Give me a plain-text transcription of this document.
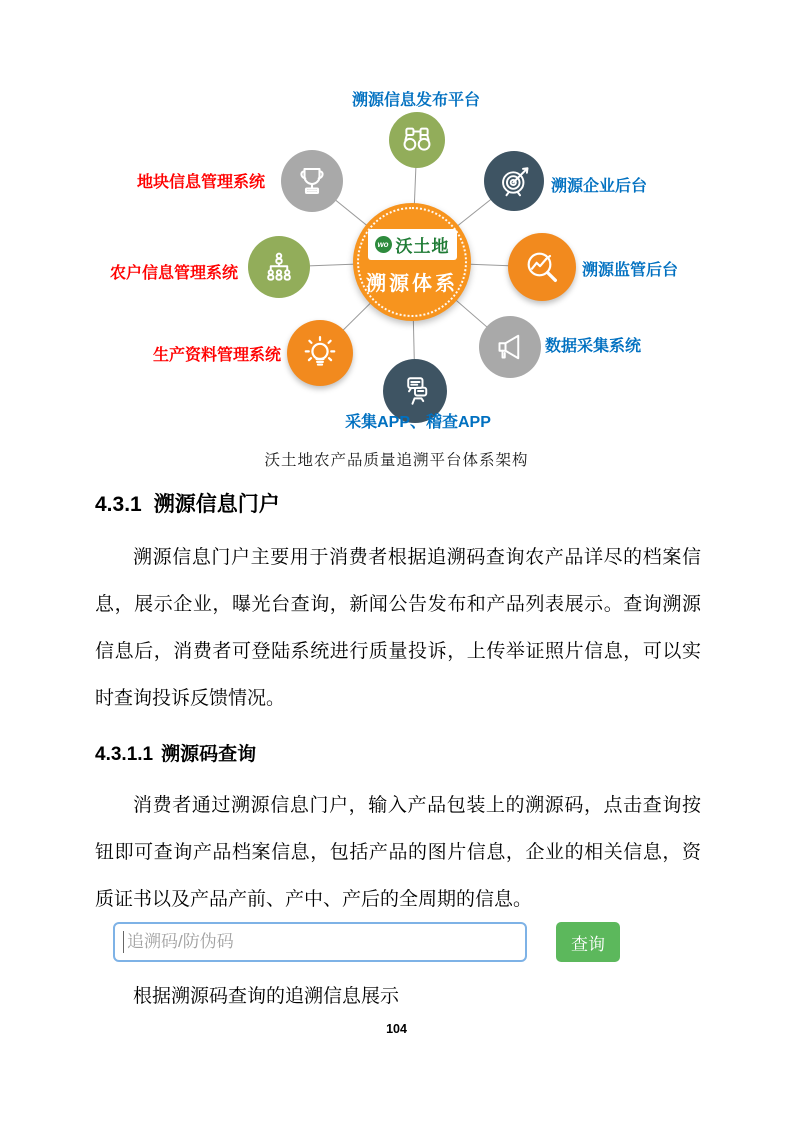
wo 沃土地
溯源体系
溯源信息发布平台
地块信息管理系统
农户信息管理系统
生产资料管理系统
溯源企业后台
溯源监管后台
数据采集系统
采集APP、稽查APP
沃土地农产品质量追溯平台体系架构
4.3.1 溯源信息门户

溯源信息门户主要用于消费者根据追溯码查询农产品详尽的档案信息，展示企业，曝光台查询，新闻公告发布和产品列表展示。查询溯源信息后，消费者可登陆系统进行质量投诉，上传举证照片信息，可以实时查询投诉反馈情况。

4.3.1.1 溯源码查询

消费者通过溯源信息门户，输入产品包装上的溯源码，点击查询按钮即可查询产品档案信息，包括产品的图片信息，企业的相关信息，资质证书以及产品产前、产中、产后的全周期的信息。

追溯码/防伪码
查询
根据溯源码查询的追溯信息展示
104
